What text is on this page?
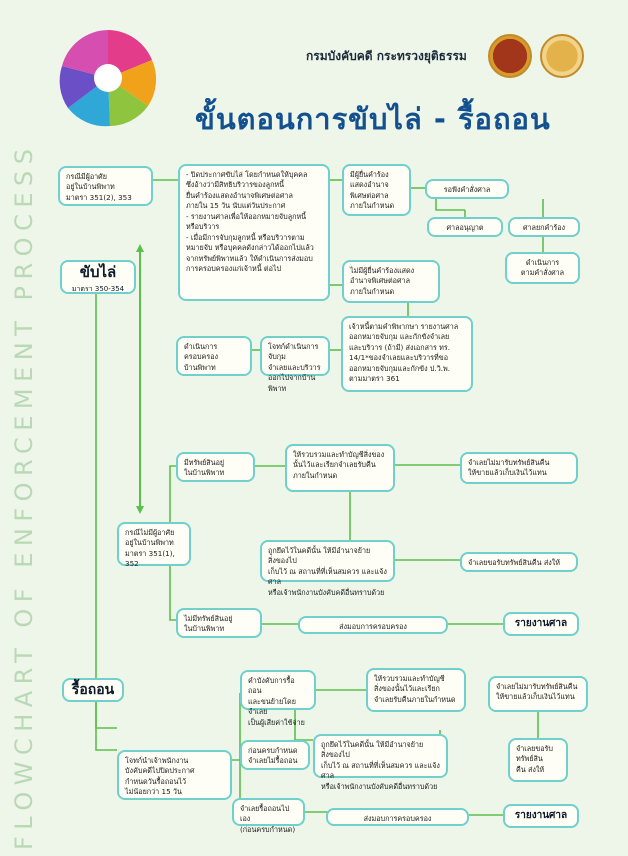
FLOWCHART OF ENFORCEMENT PROCESS
กรมบังคับคดี กระทรวงยุติธรรม
ขั้นตอนการขับไล่ - รื้อถอน
ขับไล่
มาตรา 350-354
รื้อถอน
กรณีมีผู้อาศัย
อยู่ในบ้านพิพาท
มาตรา 351(2), 353
- ปิดประกาศขับไล่ โดยกำหนดให้บุคคล
ซึ่งอ้างว่ามีสิทธิบริวารของลูกหนี้
ยื่นคำร้องแสดงอำนาจพิเศษต่อศาล
ภายใน 15 วัน นับแต่วันประกาศ
- รายงานศาลเพื่อให้ออกหมายจับลูกหนี้
หรือบริวาร
- เมื่อมีการจับกุมลูกหนี้ หรือบริวารตาม
หมายจับ หรือบุคคลดังกล่าวได้ออกไปแล้ว
จากทรัพย์พิพาทแล้ว ให้ดำเนินการส่งมอบ
การครอบครองแก่เจ้าหนี้ ต่อไป
มีผู้ยื่นคำร้อง
แสดงอำนาจ
พิเศษต่อศาล
ภายในกำหนด
รอฟังคำสั่งศาล
ศาลอนุญาต	ศาลยกคำร้อง
ดำเนินการ
ตามคำสั่งศาล
ไม่มีผู้ยื่นคำร้องแสดง
อำนาจพิเศษต่อศาล
ภายในกำหนด
เจ้าหนี้ตามคำพิพากษา รายงานศาล
ออกหมายจับกุม และกักขังจำเลย
และบริวาร (ถ้ามี) ส่งเอกสาร ทร.
14/1*ของจำเลยและบริวารที่ขอ
ออกหมายจับกุมและกักขัง ป.วิ.พ.
ตามมาตรา 361
ดำเนินการ
ครอบครอง
บ้านพิพาท
โจทก์ดำเนินการจับกุม
จำเลยและบริวาร
ออกไปจากบ้านพิพาท
มีทรัพย์สินอยู่
ในบ้านพิพาท
ให้รวบรวมและทำบัญชีสิ่งของ
นั้นไว้และเรียกจำเลยรับคืน
ภายในกำหนด
จำเลยไม่มารับทรัพย์สินคืน
ให้ขายแล้วเก็บเงินไว้แทน
กรณีไม่มีผู้อาศัย
อยู่ในบ้านพิพาท
มาตรา 351(1), 352
ถูกยึดไว้ในคดีนั้น ให้มีอำนาจย้ายสิ่งของไป
เก็บไว้ ณ สถานที่ที่เห็นสมควร และแจ้งศาล
หรือเจ้าพนักงานบังคับคดีอื่นทราบด้วย
จำเลยขอรับทรัพย์สินคืน ส่งให้
ไม่มีทรัพย์สินอยู่
ในบ้านพิพาท	ส่งมอบการครอบครอง	รายงานศาล
คำบังคับการรื้อถอน
และขนย้ายโดยจำเลย
เป็นผู้เสียค่าใช้จ่าย
ให้รวบรวมและทำบัญชี
สิ่งของนั้นไว้และเรียก
จำเลยรับคืนภายในกำหนด
จำเลยไม่มารับทรัพย์สินคืน
ให้ขายแล้วเก็บเงินไว้แทน
ก่อนครบกำหนด
จำเลยไม่รื้อถอน
ถูกยึดไว้ในคดีนั้น ให้มีอำนาจย้ายสิ่งของไป
เก็บไว้ ณ สถานที่ที่เห็นสมควร และแจ้งศาล
หรือเจ้าพนักงานบังคับคดีอื่นทราบด้วย
จำเลยขอรับ
ทรัพย์สิน
คืน ส่งให้
โจทก์นำเจ้าพนักงาน
บังคับคดีไปปิดประกาศ
กำหนดวันรื้อถอนไว้
ไม่น้อยกว่า 15 วัน
จำเลยรื้อถอนไปเอง
(ก่อนครบกำหนด)
ส่งมอบการครอบครอง	รายงานศาล
